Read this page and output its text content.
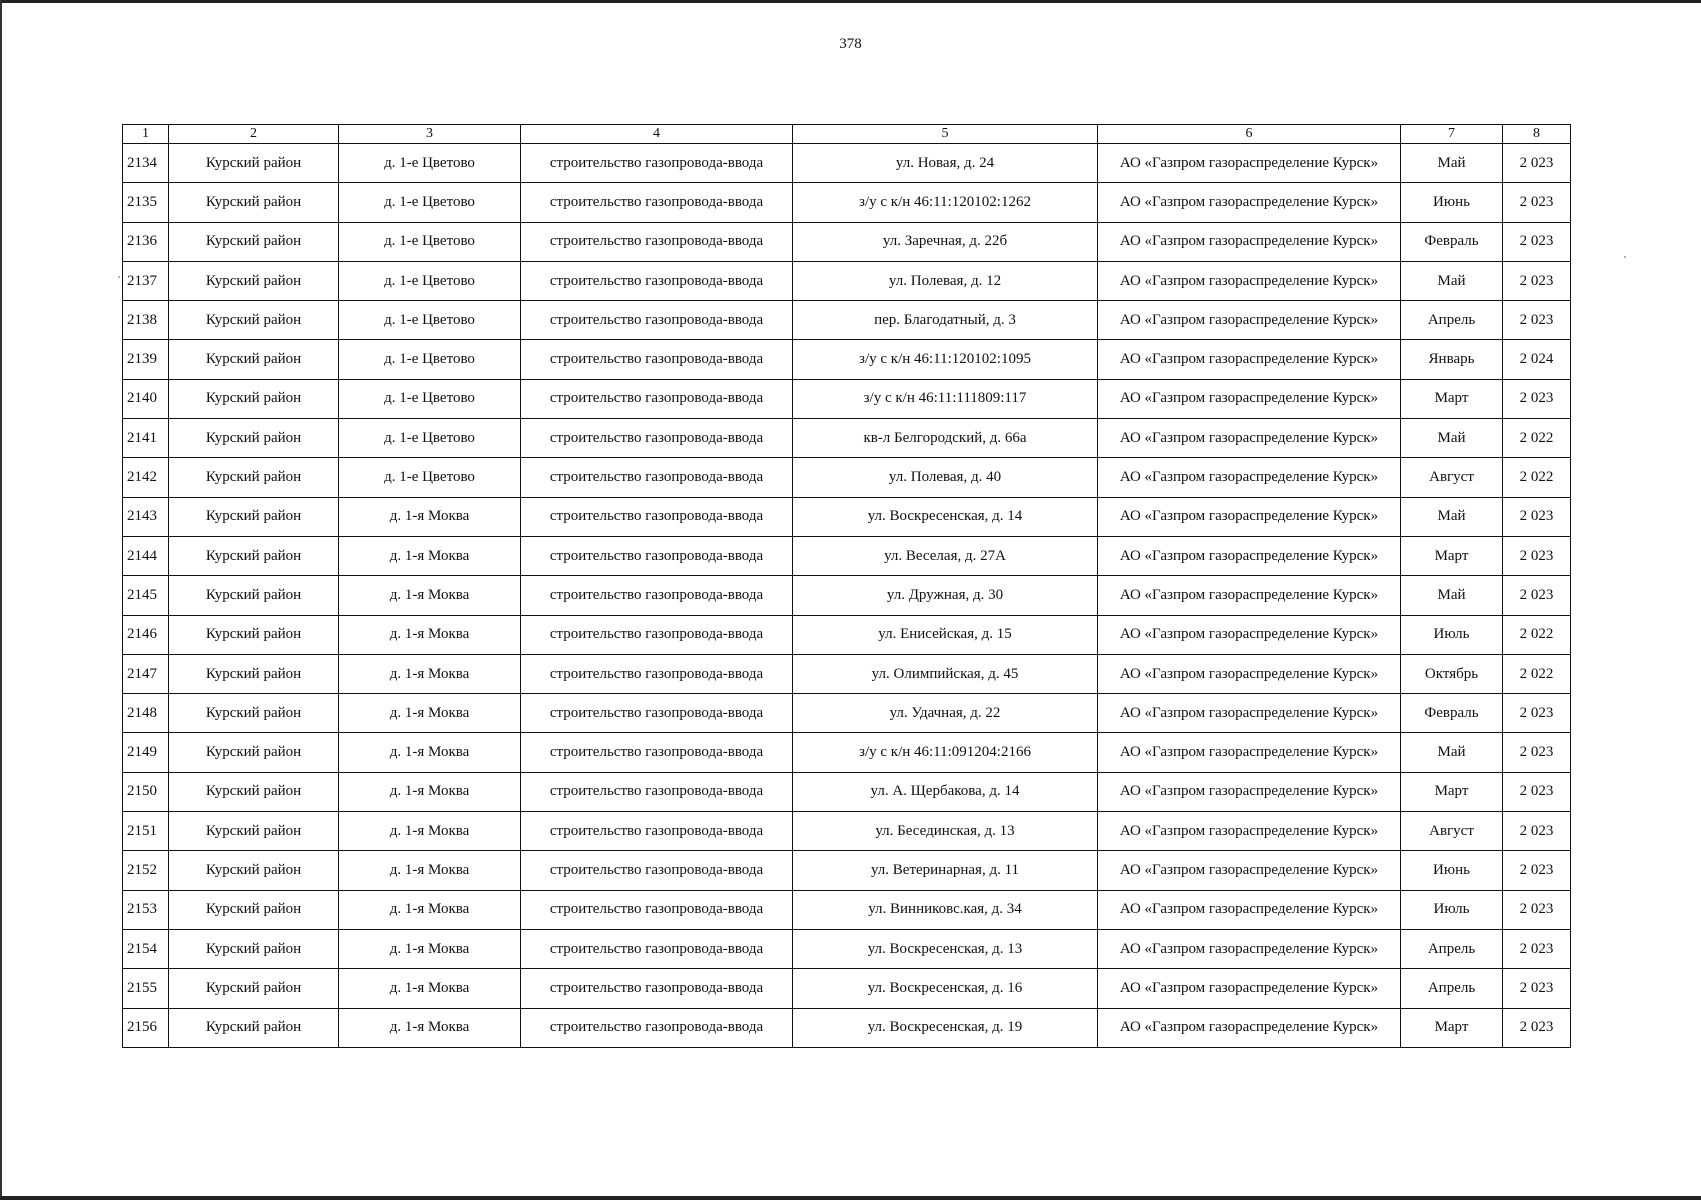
378
1	2	3	4	5	6	7	8
2134	Курский район	д. 1-е Цветово	строительство газопровода-ввода	ул. Новая, д. 24	АО «Газпром газораспределение Курск»	Май	2 023
2135	Курский район	д. 1-е Цветово	строительство газопровода-ввода	з/у с к/н 46:11:120102:1262	АО «Газпром газораспределение Курск»	Июнь	2 023
2136	Курский район	д. 1-е Цветово	строительство газопровода-ввода	ул. Заречная, д. 22б	АО «Газпром газораспределение Курск»	Февраль	2 023
2137	Курский район	д. 1-е Цветово	строительство газопровода-ввода	ул. Полевая, д. 12	АО «Газпром газораспределение Курск»	Май	2 023
2138	Курский район	д. 1-е Цветово	строительство газопровода-ввода	пер. Благодатный, д. 3	АО «Газпром газораспределение Курск»	Апрель	2 023
2139	Курский район	д. 1-е Цветово	строительство газопровода-ввода	з/у с к/н 46:11:120102:1095	АО «Газпром газораспределение Курск»	Январь	2 024
2140	Курский район	д. 1-е Цветово	строительство газопровода-ввода	з/у с к/н 46:11:111809:117	АО «Газпром газораспределение Курск»	Март	2 023
2141	Курский район	д. 1-е Цветово	строительство газопровода-ввода	кв-л Белгородский, д. 66а	АО «Газпром газораспределение Курск»	Май	2 022
2142	Курский район	д. 1-е Цветово	строительство газопровода-ввода	ул. Полевая, д. 40	АО «Газпром газораспределение Курск»	Август	2 022
2143	Курский район	д. 1-я Моква	строительство газопровода-ввода	ул. Воскресенская, д. 14	АО «Газпром газораспределение Курск»	Май	2 023
2144	Курский район	д. 1-я Моква	строительство газопровода-ввода	ул. Веселая, д. 27А	АО «Газпром газораспределение Курск»	Март	2 023
2145	Курский район	д. 1-я Моква	строительство газопровода-ввода	ул. Дружная, д. 30	АО «Газпром газораспределение Курск»	Май	2 023
2146	Курский район	д. 1-я Моква	строительство газопровода-ввода	ул. Енисейская, д. 15	АО «Газпром газораспределение Курск»	Июль	2 022
2147	Курский район	д. 1-я Моква	строительство газопровода-ввода	ул. Олимпийская, д. 45	АО «Газпром газораспределение Курск»	Октябрь	2 022
2148	Курский район	д. 1-я Моква	строительство газопровода-ввода	ул. Удачная, д. 22	АО «Газпром газораспределение Курск»	Февраль	2 023
2149	Курский район	д. 1-я Моква	строительство газопровода-ввода	з/у с к/н 46:11:091204:2166	АО «Газпром газораспределение Курск»	Май	2 023
2150	Курский район	д. 1-я Моква	строительство газопровода-ввода	ул. А. Щербакова, д. 14	АО «Газпром газораспределение Курск»	Март	2 023
2151	Курский район	д. 1-я Моква	строительство газопровода-ввода	ул. Бесединская, д. 13	АО «Газпром газораспределение Курск»	Август	2 023
2152	Курский район	д. 1-я Моква	строительство газопровода-ввода	ул. Ветеринарная, д. 11	АО «Газпром газораспределение Курск»	Июнь	2 023
2153	Курский район	д. 1-я Моква	строительство газопровода-ввода	ул. Винниковс.кая, д. 34	АО «Газпром газораспределение Курск»	Июль	2 023
2154	Курский район	д. 1-я Моква	строительство газопровода-ввода	ул. Воскресенская, д. 13	АО «Газпром газораспределение Курск»	Апрель	2 023
2155	Курский район	д. 1-я Моква	строительство газопровода-ввода	ул. Воскресенская, д. 16	АО «Газпром газораспределение Курск»	Апрель	2 023
2156	Курский район	д. 1-я Моква	строительство газопровода-ввода	ул. Воскресенская, д. 19	АО «Газпром газораспределение Курск»	Март	2 023
